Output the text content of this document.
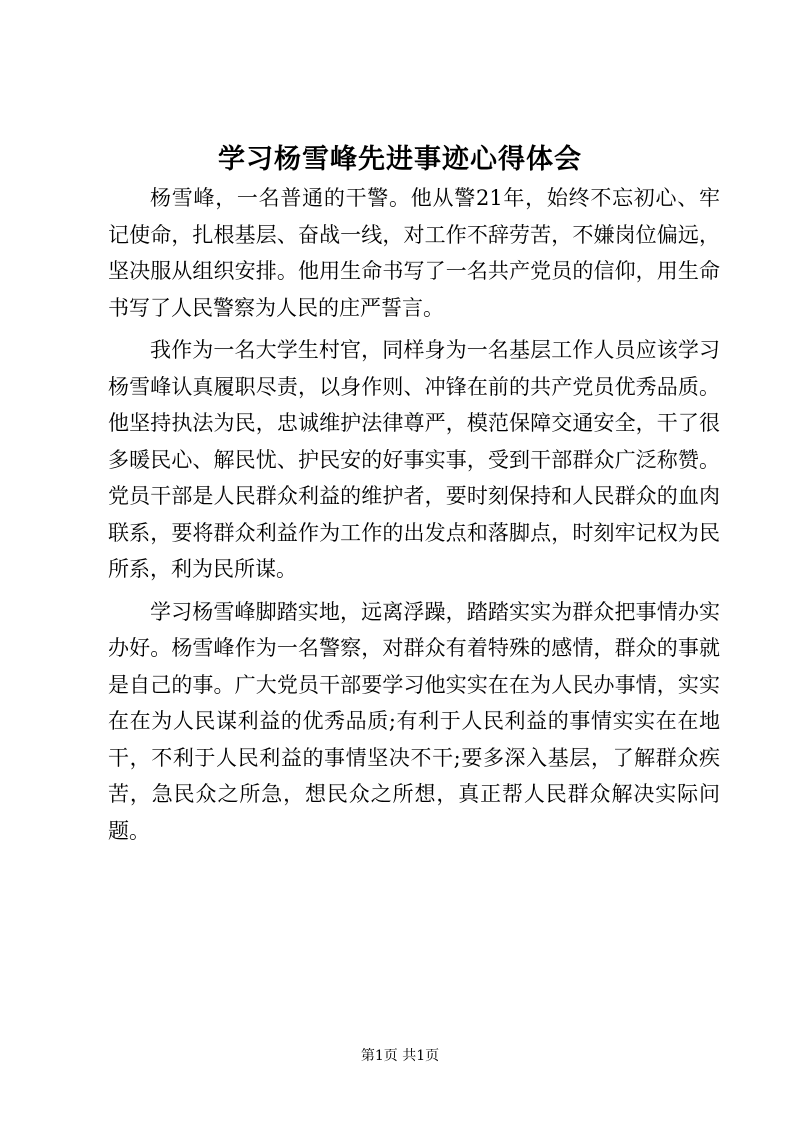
学习杨雪峰先进事迹心得体会

杨雪峰，一名普通的干警。他从警21年，始终不忘初心、牢记使命，扎根基层、奋战一线，对工作不辞劳苦，不嫌岗位偏远，坚决服从组织安排。他用生命书写了一名共产党员的信仰，用生命书写了人民警察为人民的庄严誓言。

我作为一名大学生村官，同样身为一名基层工作人员应该学习杨雪峰认真履职尽责，以身作则、冲锋在前的共产党员优秀品质。他坚持执法为民，忠诚维护法律尊严，模范保障交通安全，干了很多暖民心、解民忧、护民安的好事实事，受到干部群众广泛称赞。党员干部是人民群众利益的维护者，要时刻保持和人民群众的血肉联系，要将群众利益作为工作的出发点和落脚点，时刻牢记权为民所系，利为民所谋。

学习杨雪峰脚踏实地，远离浮躁，踏踏实实为群众把事情办实办好。杨雪峰作为一名警察，对群众有着特殊的感情，群众的事就是自己的事。广大党员干部要学习他实实在在为人民办事情，实实在在为人民谋利益的优秀品质;有利于人民利益的事情实实在在地干，不利于人民利益的事情坚决不干;要多深入基层，了解群众疾苦，急民众之所急，想民众之所想，真正帮人民群众解决实际问题。

第1页 共1页
